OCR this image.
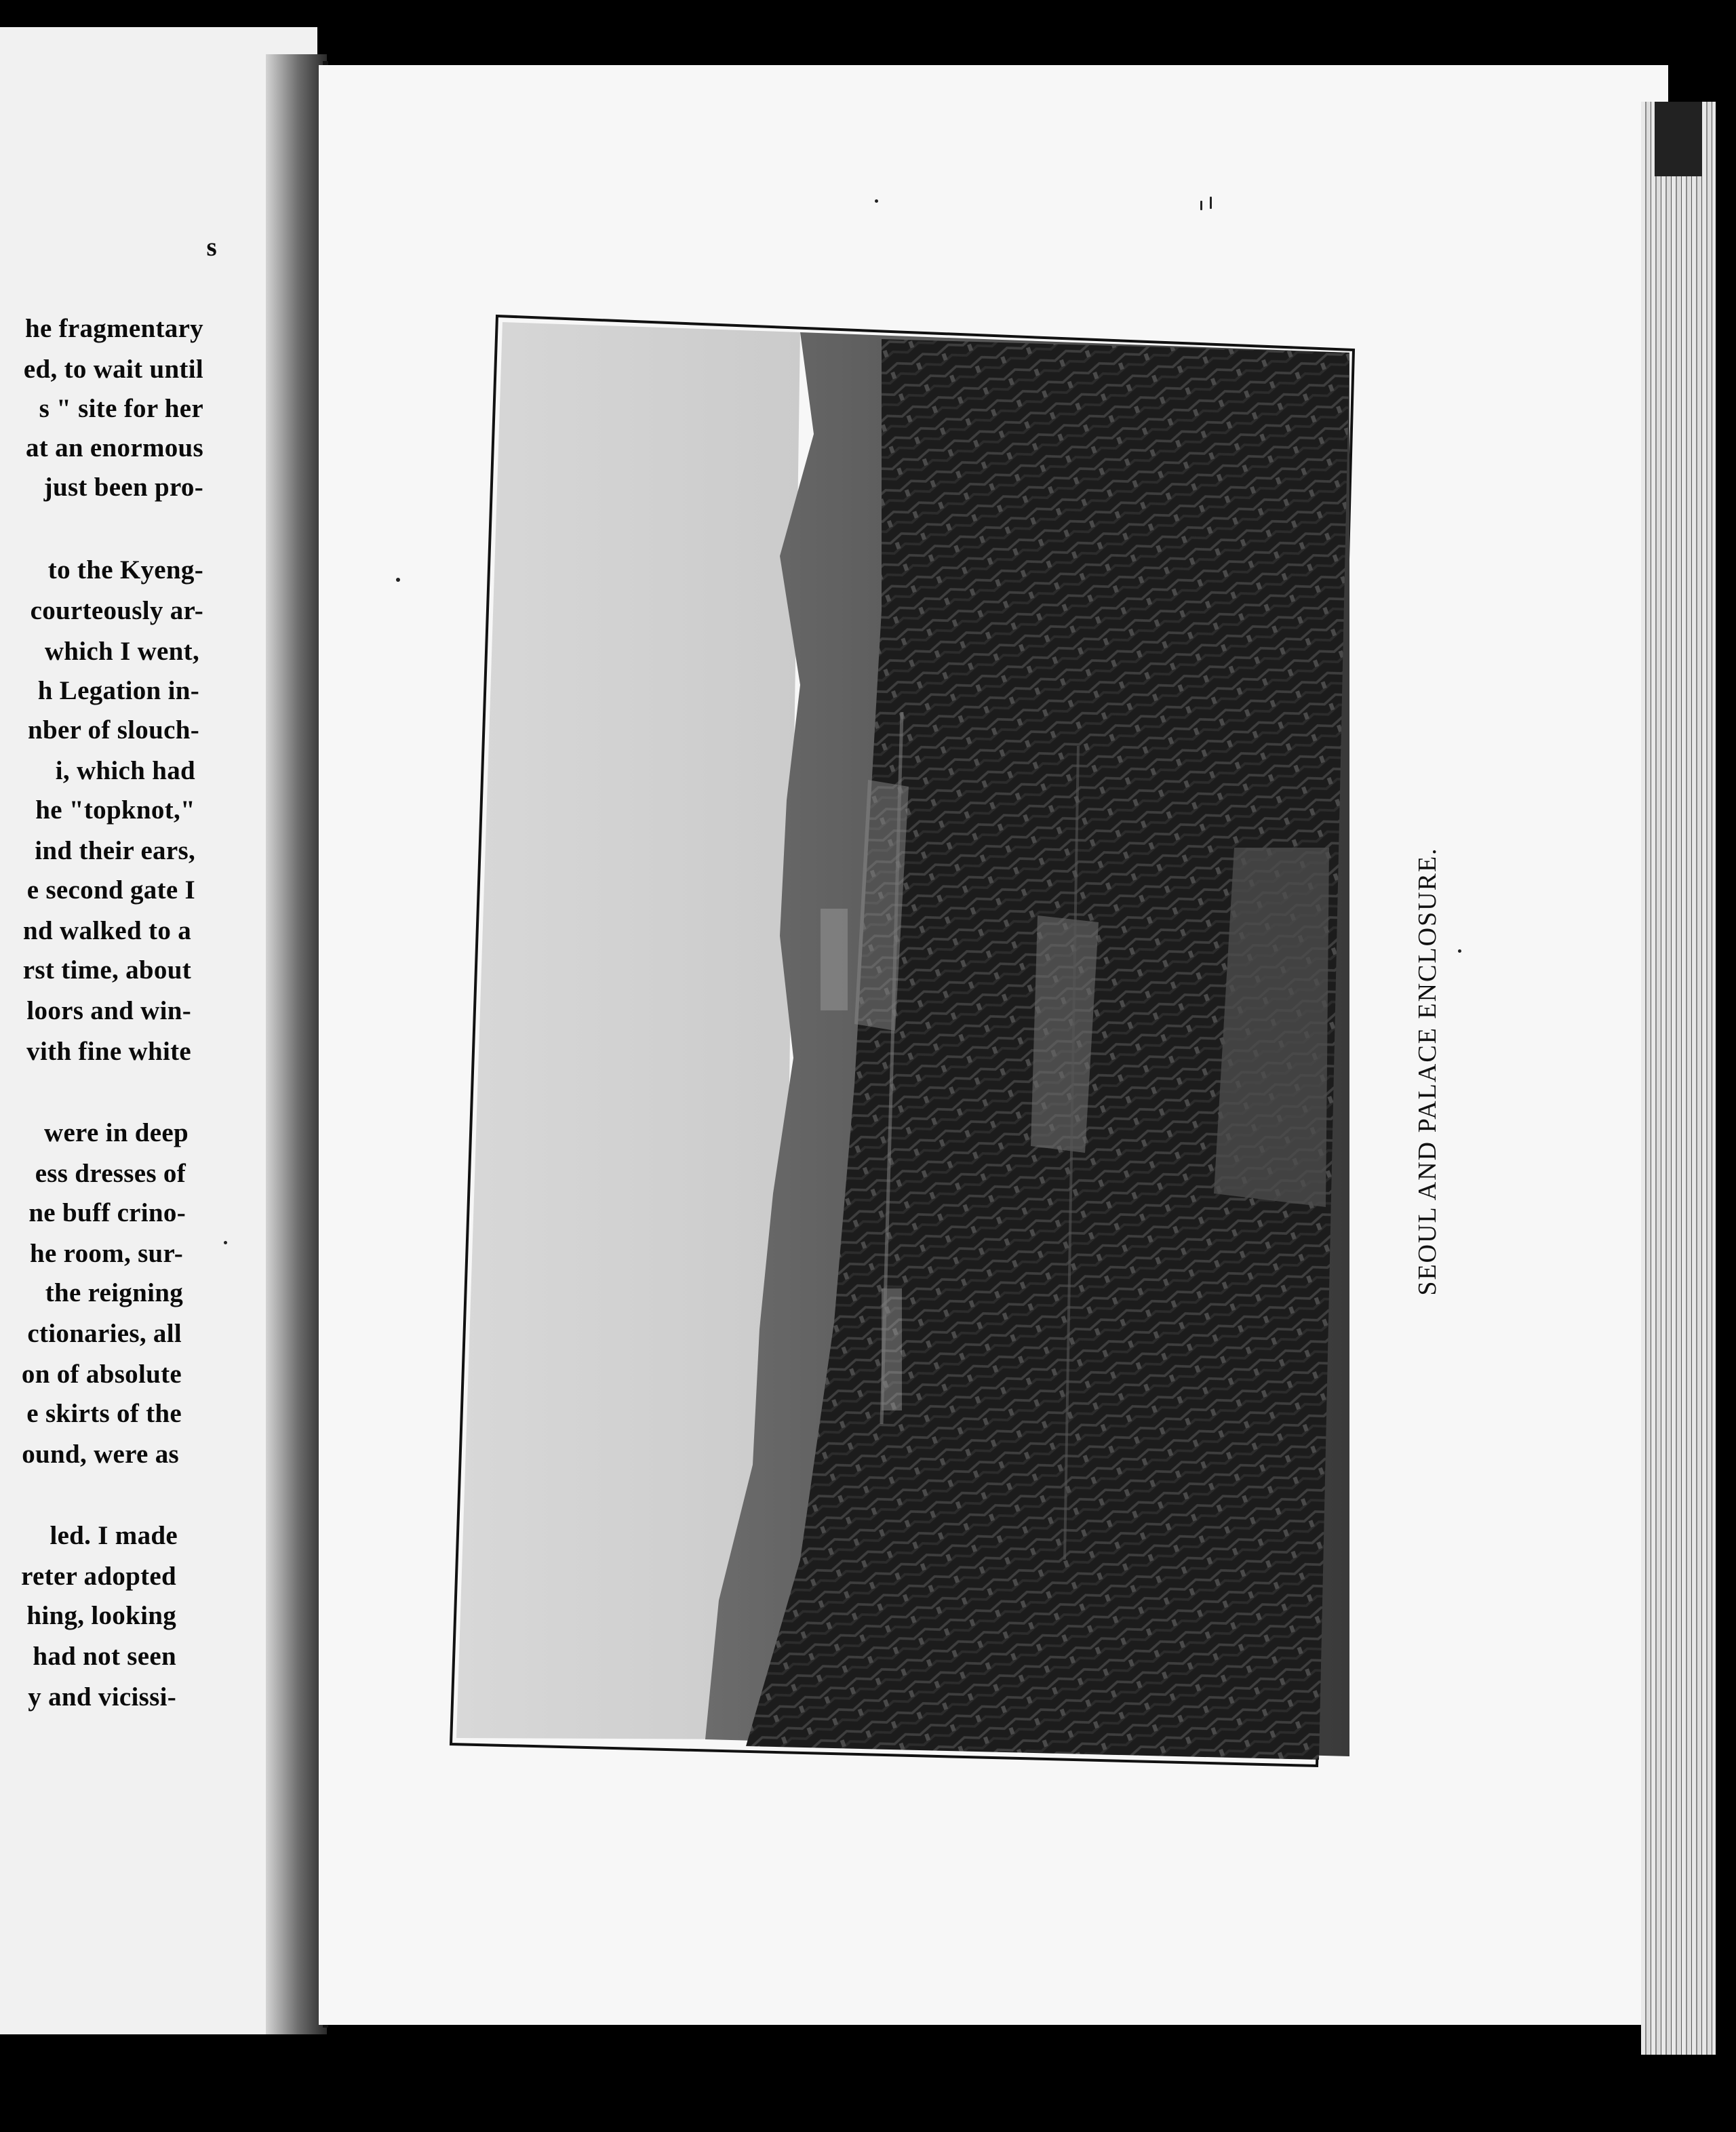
s
he fragmentary
ed, to wait until
s " site for her
at an enormous
just been pro-
to the Kyeng-
courteously ar-
which I went,
h Legation in-
nber of slouch-
i, which had
he "topknot,"
ind their ears,
e second gate I
nd walked to a
rst time, about
loors and win-
vith fine white
were in deep
ess dresses of
ne buff crino-
he room, sur-
the reigning
ctionaries, all
on of absolute
e skirts of the
ound, were as
led. I made
reter adopted
hing, looking
had not seen
y and vicissi-
SEOUL AND PALACE ENCLOSURE.
